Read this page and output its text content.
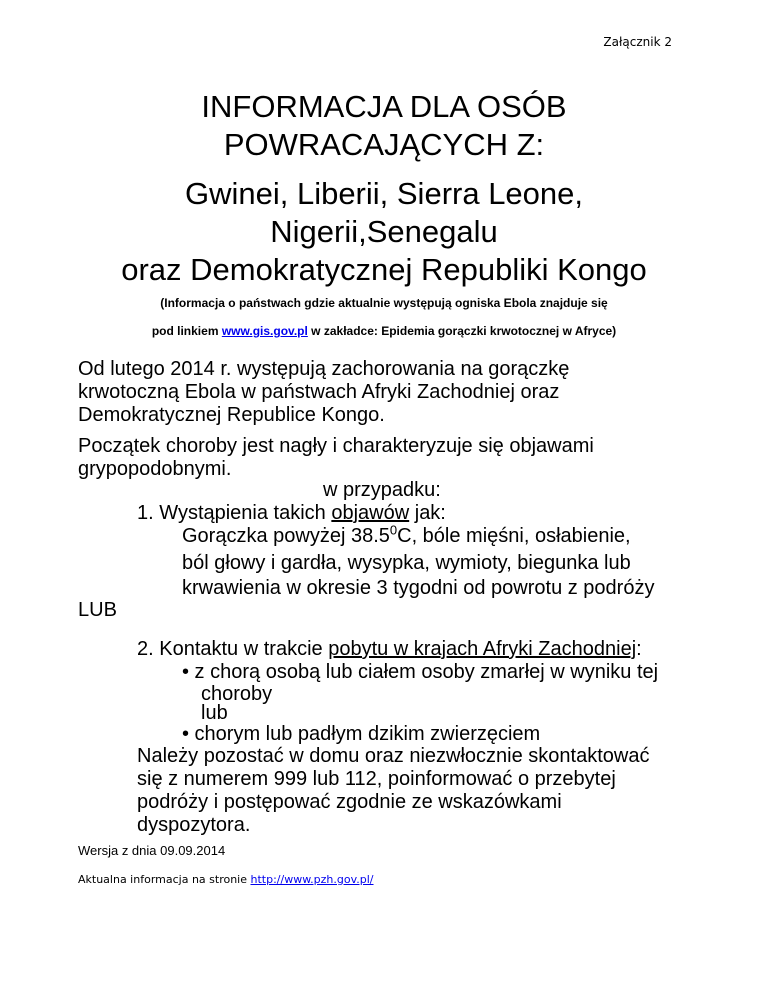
Załącznik 2
INFORMACJA DLA OSÓB
POWRACAJĄCYCH Z:
Gwinei, Liberii, Sierra Leone,
Nigerii,Senegalu
oraz Demokratycznej Republiki Kongo
(Informacja o państwach gdzie aktualnie występują ogniska Ebola znajduje się
pod linkiem www.gis.gov.pl w zakładce: Epidemia gorączki krwotocznej w Afryce)
Od lutego 2014 r. występują zachorowania na gorączkę
krwotoczną Ebola w państwach Afryki Zachodniej oraz
Demokratycznej Republice Kongo.
Początek choroby jest nagły i charakteryzuje się objawami
grypopodobnymi.
w przypadku:
1. Wystąpienia takich objawów jak:
Gorączka powyżej 38.5$^0$C, bóle mięśni, osłabienie,
ból głowy i gardła, wysypka, wymioty, biegunka lub
krwawienia w okresie 3 tygodni od powrotu z podróży
LUB
2. Kontaktu w trakcie pobytu w krajach Afryki Zachodniej:
• z chorą osobą lub ciałem osoby zmarłej w wyniku tej
choroby
lub
• chorym lub padłym dzikim zwierzęciem
Należy pozostać w domu oraz niezwłocznie skontaktować
się z numerem 999 lub 112, poinformować o przebytej
podróży i postępować zgodnie ze wskazówkami
dyspozytora.
Wersja z dnia 09.09.2014
Aktualna informacja na stronie http://www.pzh.gov.pl/
